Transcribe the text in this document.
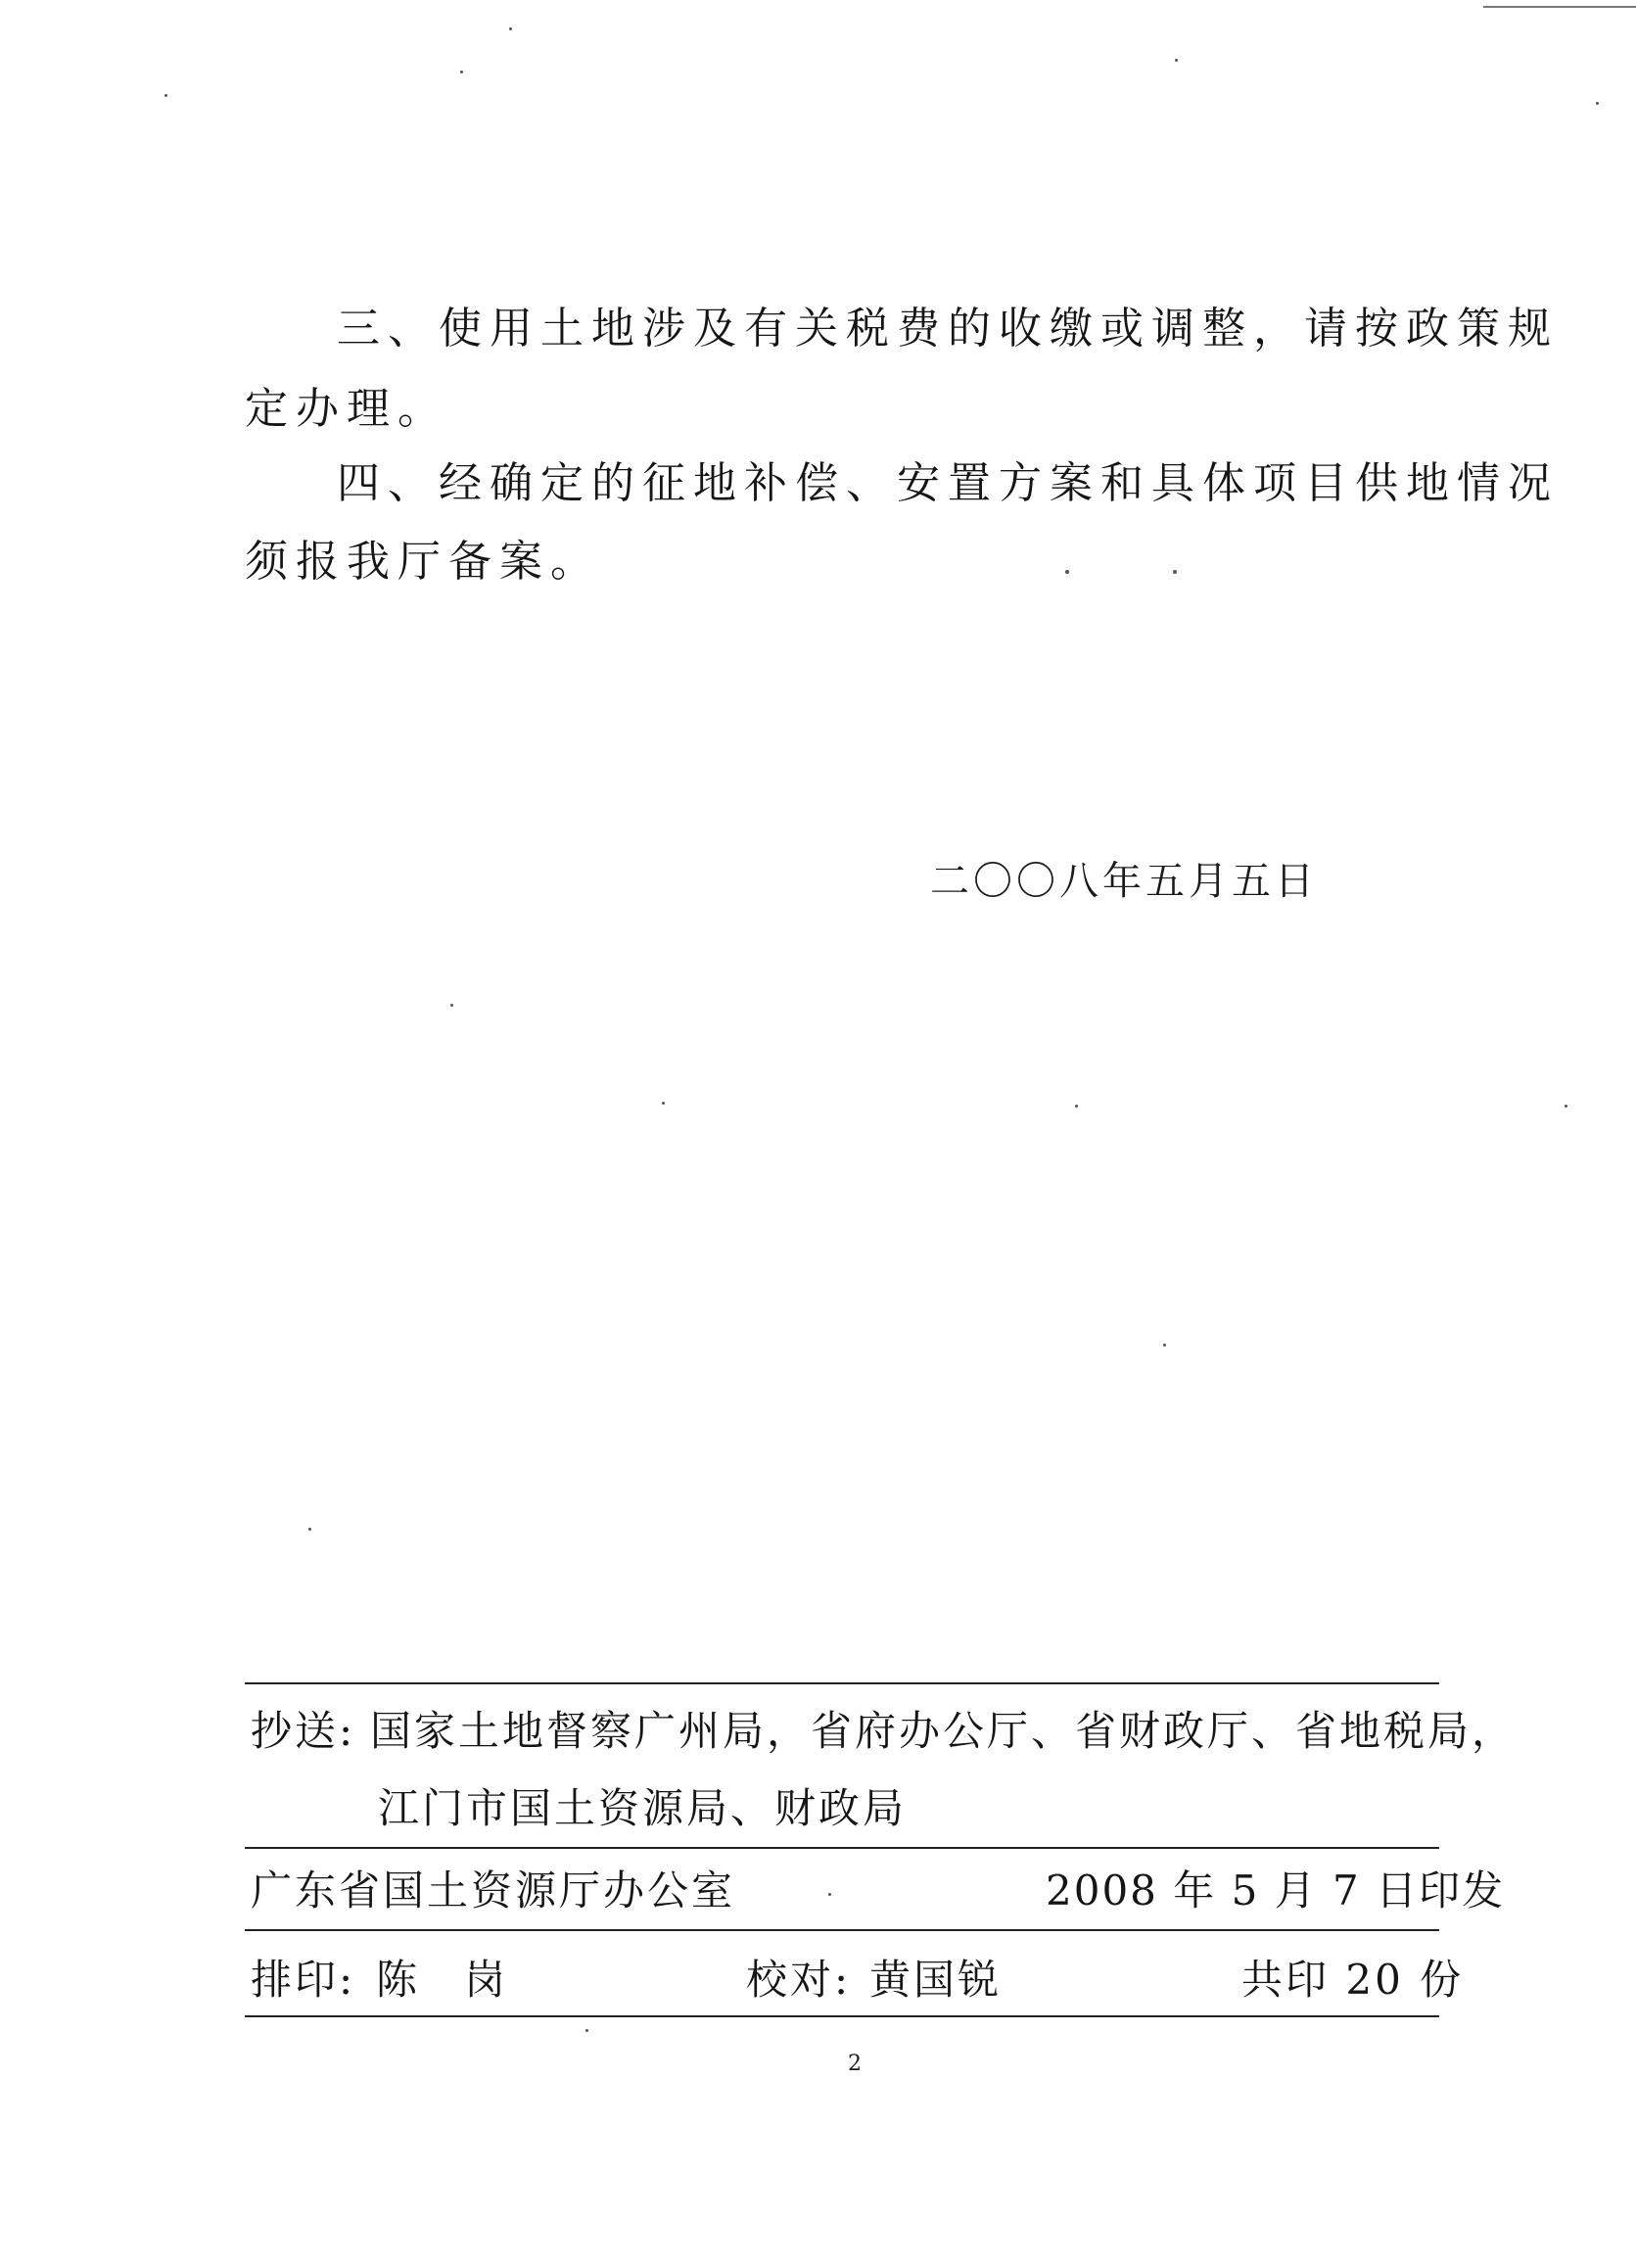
三、使用土地涉及有关税费的收缴或调整，请按政策规
定办理。
四、经确定的征地补偿、安置方案和具体项目供地情况
须报我厅备案。
二〇〇八年五月五日
抄送: 国家土地督察广州局，省府办公厅、省财政厅、省地税局，
江门市国土资源局、财政局
广东省国土资源厅办公室	2008 年 5 月 7 日印发
排印: 陈　岗	校对: 黄国锐	共印 20 份
2
